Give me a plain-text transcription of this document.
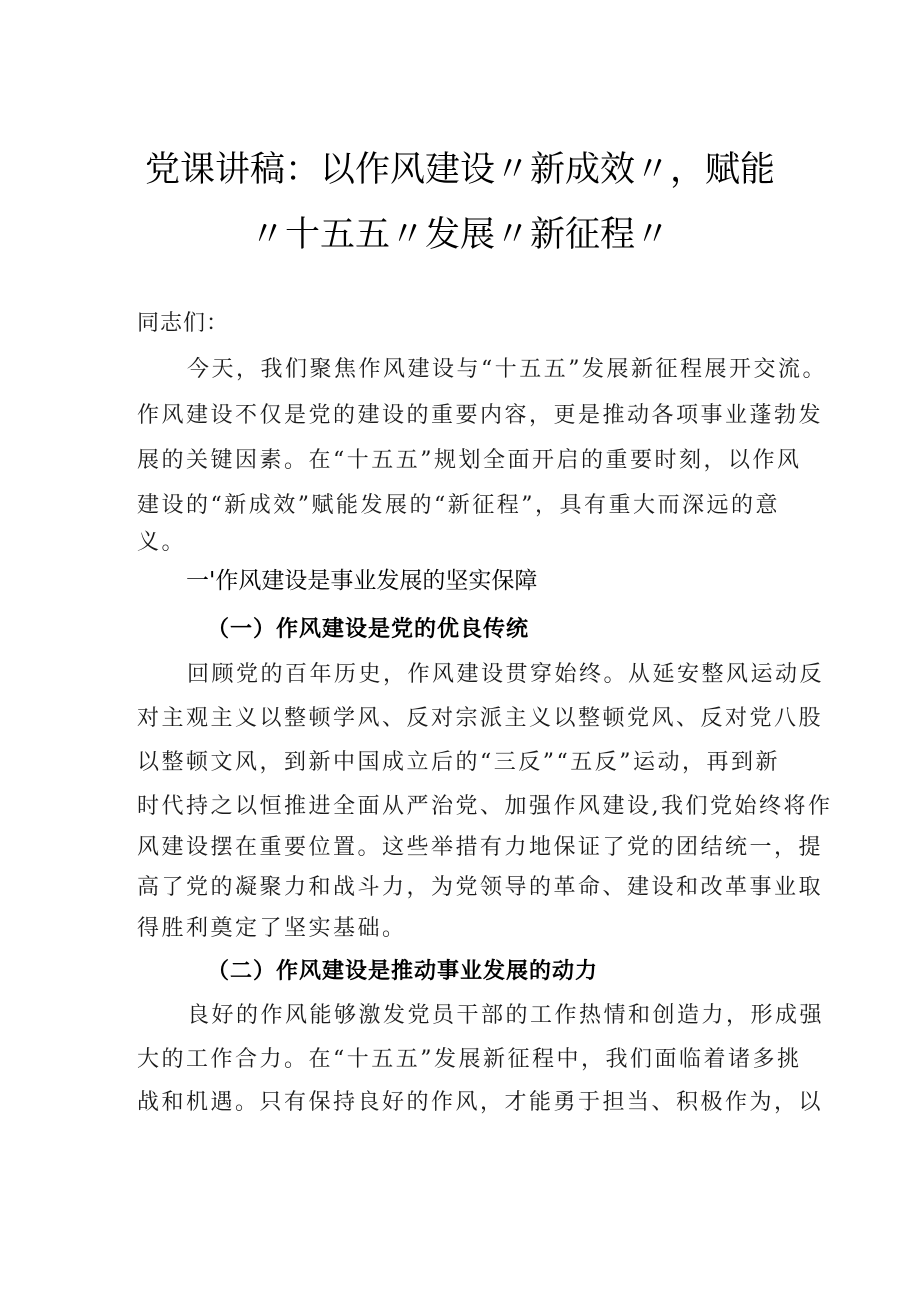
党课讲稿：以作风建设〃新成效〃，赋能
〃十五五〃发展〃新征程〃
同志们：
今天，我们聚焦作风建设与“十五五”发展新征程展开交流。
作风建设不仅是党的建设的重要内容，更是推动各项事业蓬勃发
展的关键因素。在“十五五”规划全面开启的重要时刻，以作风
建设的“新成效”赋能发展的“新征程”，具有重大而深远的意
义。
一'作风建设是事业发展的坚实保障
（一）作风建设是党的优良传统
回顾党的百年历史，作风建设贯穿始终。从延安整风运动反
对主观主义以整顿学风、反对宗派主义以整顿党风、反对党八股
以整顿文风，到新中国成立后的“三反”“五反”运动，再到新
时代持之以恒推进全面从严治党、加强作风建设,我们党始终将作
风建设摆在重要位置。这些举措有力地保证了党的团结统一，提
高了党的凝聚力和战斗力，为党领导的革命、建设和改革事业取
得胜利奠定了坚实基础。
（二）作风建设是推动事业发展的动力
良好的作风能够激发党员干部的工作热情和创造力，形成强
大的工作合力。在“十五五”发展新征程中，我们面临着诸多挑
战和机遇。只有保持良好的作风，才能勇于担当、积极作为，以
